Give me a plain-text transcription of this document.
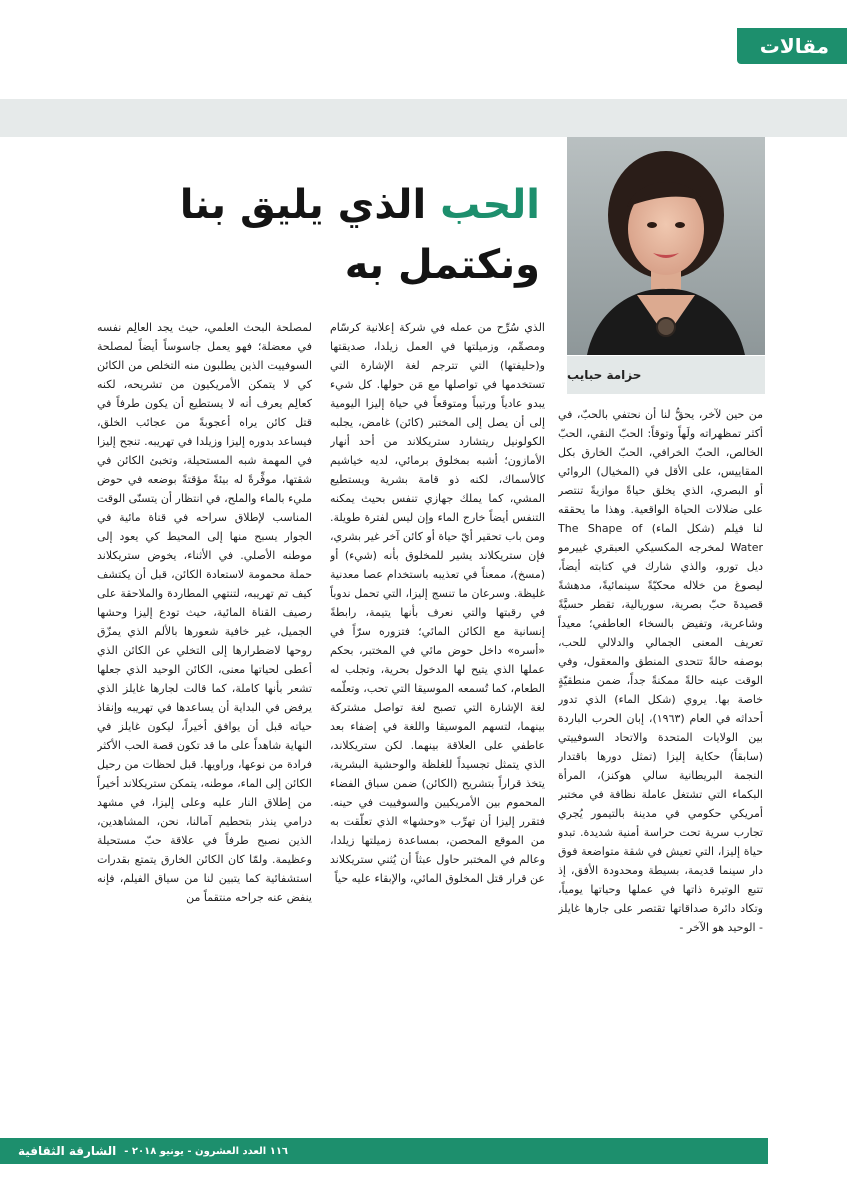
مقالات
حزامة حبايب
الحب الذي يليق بنا
ونكتمل به

من حين لآخر، يحقُّ لنا أن نحتفي بالحبّ، في أكثر تمظهراته ولَهاً وتوقاً: الحبّ النقي، الحبّ الخالص، الحبّ الخرافي، الحبّ الخارق بكل المقاييس، على الأقل في (المخيال) الروائي أو البصري، الذي يخلق حياةً موازيةً تنتصر على ضلالات الحياة الواقعية. وهذا ما يحققه لنا فيلم (شكل الماء) The Shape of Water لمخرجه المكسيكي العبقري غييرمو ديل تورو، والذي شارك في كتابته أيضاً، ليصوغ من خلاله محكيّةً سينمائيةً، مدهشةً قصيدةَ حبّ بصرية، سوريالية، تقطر حسيَّةً وشاعرية، وتفيض بالسخاء العاطفي؛ معيداً تعريف المعنى الجمالي والدلالي للحب، بوصفه حالةً تتحدى المنطق والمعقول، وفي الوقت عينه حالةً ممكنةً جداً، ضمن منطقيّةٍ خاصة بها. يروي (شكل الماء) الذي تدور أحداثه في العام (١٩٦٣)، إبان الحرب الباردة بين الولايات المتحدة والاتحاد السوفييتي (سابقاً) حكاية إليزا (تمثل دورها باقتدار النجمة البريطانية سالي هوكنز)، المرأة البكماء التي تشتغل عاملة نظافة في مختبر أمريكي حكومي في مدينة بالتيمور يُجري تجارب سرية تحت حراسة أمنية شديدة. تبدو حياة إليزا، التي تعيش في شقة متواضعة فوق دار سينما قديمة، بسيطة ومحدودة الأفق، إذ تتبع الوتيرة ذاتها في عملها وحياتها يومياً، وتكاد دائرة صداقاتها تقتصر على جارها غايلز - الوحيد هو الآخر -

الذي سُرِّح من عمله في شركة إعلانية كرسّام ومصمِّم، وزميلتها في العمل زيلدا، صديقتها و(حليفتها) التي تترجم لغة الإشارة التي تستخدمها في تواصلها مع مَن حولها. كل شيء يبدو عادياً ورتيباً ومتوقعاً في حياة إليزا اليومية إلى أن يصل إلى المختبر (كائن) غامض، يجلبه الكولونيل ريتشارد ستريكلاند من أحد أنهار الأمازون؛ أشبه بمخلوق برمائي، لديه خياشيم كالأسماك، لكنه ذو قامة بشرية ويستطيع المشي، كما يملك جهازي تنفس بحيث يمكنه التنفس أيضاً خارج الماء وإن ليس لفترة طويلة. ومن باب تحقير أيّ حياة أو كائن آخر غير بشري، فإن ستريكلاند يشير للمخلوق بأنه (شيء) أو (مسخ)، ممعناً في تعذيبه باستخدام عصا معدنية غليظة. وسرعان ما تنسج إليزا، التي تحمل ندوباً في رقبتها والتي نعرف بأنها يتيمة، رابطةً إنسانية مع الكائن المائي؛ فتزوره سرّاً في «أسره» داخل حوض مائي في المختبر، بحكم عملها الذي يتيح لها الدخول بحرية، وتجلب له الطعام، كما تُسمعه الموسيقا التي تحب، وتعلّمه لغة الإشارة التي تصبح لغة تواصل مشتركة بينهما، لتسهم الموسيقا واللغة في إضفاء بعد عاطفي على العلاقة بينهما. لكن ستريكلاند، الذي يتمثل تجسيداً للغلظة والوحشية البشرية، يتخذ قراراً بتشريح (الكائن) ضمن سباق الفضاء المحموم بين الأمريكيين والسوفييت في حينه. فتقرر إليزا أن تهرِّب «وحشها» الذي تعلّقت به من الموقع المحصن، بمساعدة زميلتها زيلدا، وعالم في المختبر حاول عبثاً أن يُثني ستريكلاند عن قرار قتل المخلوق المائي، والإبقاء عليه حياً

لمصلحة البحث العلمي، حيث يجد العالِم نفسه في معضلة؛ فهو يعمل جاسوساً أيضاً لمصلحة السوفييت الذين يطلبون منه التخلص من الكائن كي لا يتمكن الأمريكيون من تشريحه، لكنه كعالِم يعرف أنه لا يستطيع أن يكون طرفاً في قتل كائن يراه أعجوبةً من عجائب الخلق، فيساعد بدوره إليزا وزيلدا في تهريبه. تنجح إليزا في المهمة شبه المستحيلة، وتخبئ الكائن في شقتها، موفِّرةً له بيئةً مؤقتةً بوضعه في حوض مليء بالماء والملح، في انتظار أن يتسنّى الوقت المناسب لإطلاق سراحه في قناة مائية في الجوار يسبح منها إلى المحيط كي يعود إلى موطنه الأصلي. في الأثناء، يخوض ستريكلاند حملة محمومة لاستعادة الكائن، قبل أن يكتشف كيف تم تهريبه، لتنتهي المطاردة والملاحقة على رصيف القناة المائية، حيث تودع إليزا وحشها الجميل، غير خافية شعورها بالألم الذي يمزّق روحها لاضطرارها إلى التخلي عن الكائن الذي أعطى لحياتها معنى، الكائن الوحيد الذي جعلها تشعر بأنها كاملة، كما قالت لجارها غايلز الذي يرفض في البداية أن يساعدها في تهريبه وإنقاذ حياته قبل أن يوافق أخيراً، ليكون غايلز في النهاية شاهداً على ما قد تكون قصة الحب الأكثر فرادة من نوعها، وراويها. قبل لحظات من رحيل الكائن إلى الماء، موطنه، يتمكن ستريكلاند أخيراً من إطلاق النار عليه وعلى إليزا، في مشهد درامي ينذر بتحطيم آمالنا، نحن، المشاهدين، الذين نصبح طرفاً في علاقة حبّ مستحيلة وعظيمة. ولمّا كان الكائن الخارق يتمتع بقدرات استشفائية كما يتبين لنا من سياق الفيلم، فإنه ينفض عنه جراحه منتقماً من

١١٦ العدد العشرون - يونيو ٢٠١٨ -
الشارقة الثقافية
